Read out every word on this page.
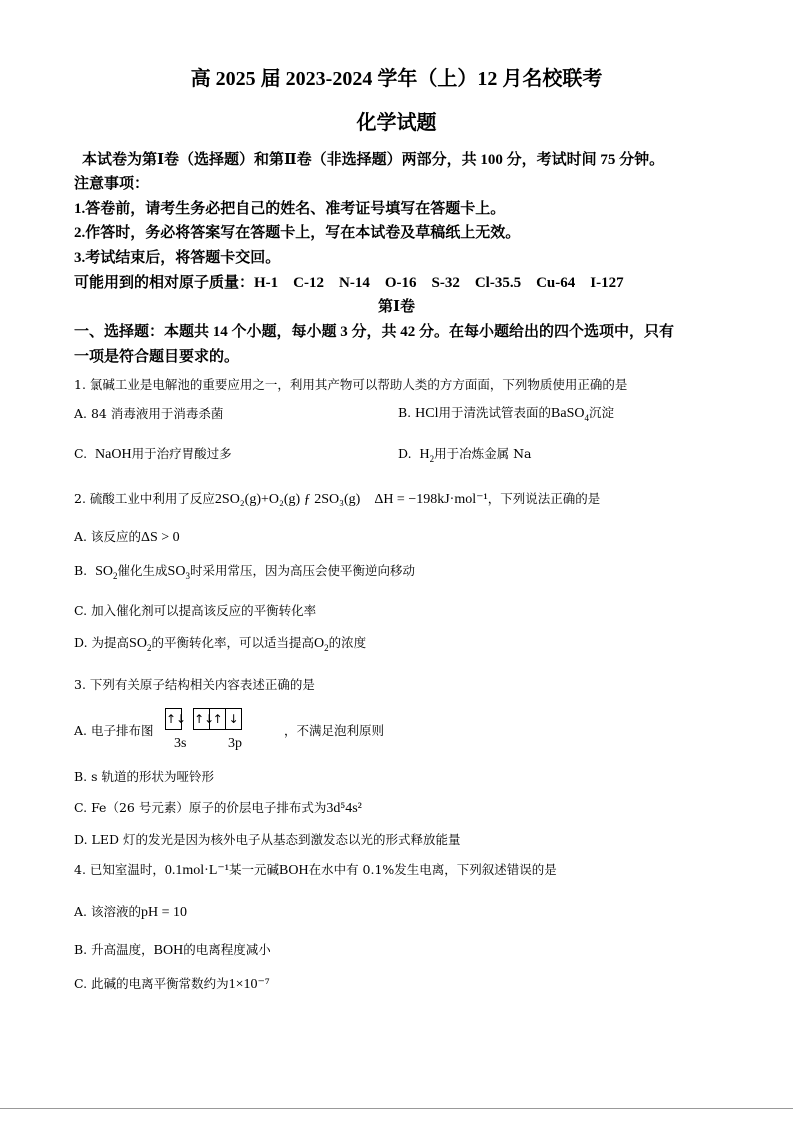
高 2025 届 2023-2024 学年（上）12 月名校联考
化学试题
本试卷为第Ⅰ卷（选择题）和第Ⅱ卷（非选择题）两部分，共 100 分，考试时间 75 分钟。
注意事项：
1.答卷前，请考生务必把自己的姓名、准考证号填写在答题卡上。
2.作答时，务必将答案写在答题卡上，写在本试卷及草稿纸上无效。
3.考试结束后，将答题卡交回。
可能用到的相对原子质量：H-1　C-12　N-14　O-16　S-32　Cl-35.5　Cu-64　I-127
第Ⅰ卷
一、选择题：本题共 14 个小题，每小题 3 分，共 42 分。在每小题给出的四个选项中，只有
一项是符合题目要求的。
1. 氯碱工业是电解池的重要应用之一，利用其产物可以帮助人类的方方面面，下列物质使用正确的是
A. 84 消毒液用于消毒杀菌	B. HCl用于清洗试管表面的BaSO$_4$沉淀
C. NaOH用于治疗胃酸过多	D. $H_2$用于冶炼金属 Na
2. 硫酸工业中利用了反应2SO₂(g)+O₂(g) ƒ 2SO₃(g)　ΔH = −198kJ·mol⁻¹，下列说法正确的是
A. 该反应的ΔS > 0
B. $SO_2$催化生成$SO_3$时采用常压，因为高压会使平衡逆向移动
C. 加入催化剂可以提高该反应的平衡转化率
D. 为提高$SO_2$的平衡转化率，可以适当提高$O_2$的浓度
3. 下列有关原子结构相关内容表述正确的是
A. 电子排布图
↑↓
↑↓
↑ ↓
3s	3p
，不满足泡利原则
B. s 轨道的形状为哑铃形
C. Fe（26 号元素）原子的价层电子排布式为3d⁵4s²
D. LED 灯的发光是因为核外电子从基态到激发态以光的形式释放能量
4. 已知室温时，0.1mol·L⁻¹某一元碱BOH在水中有 0.1%发生电离，下列叙述错误的是
A. 该溶液的pH = 10
B. 升高温度，BOH的电离程度减小
C. 此碱的电离平衡常数约为1×10⁻⁷
